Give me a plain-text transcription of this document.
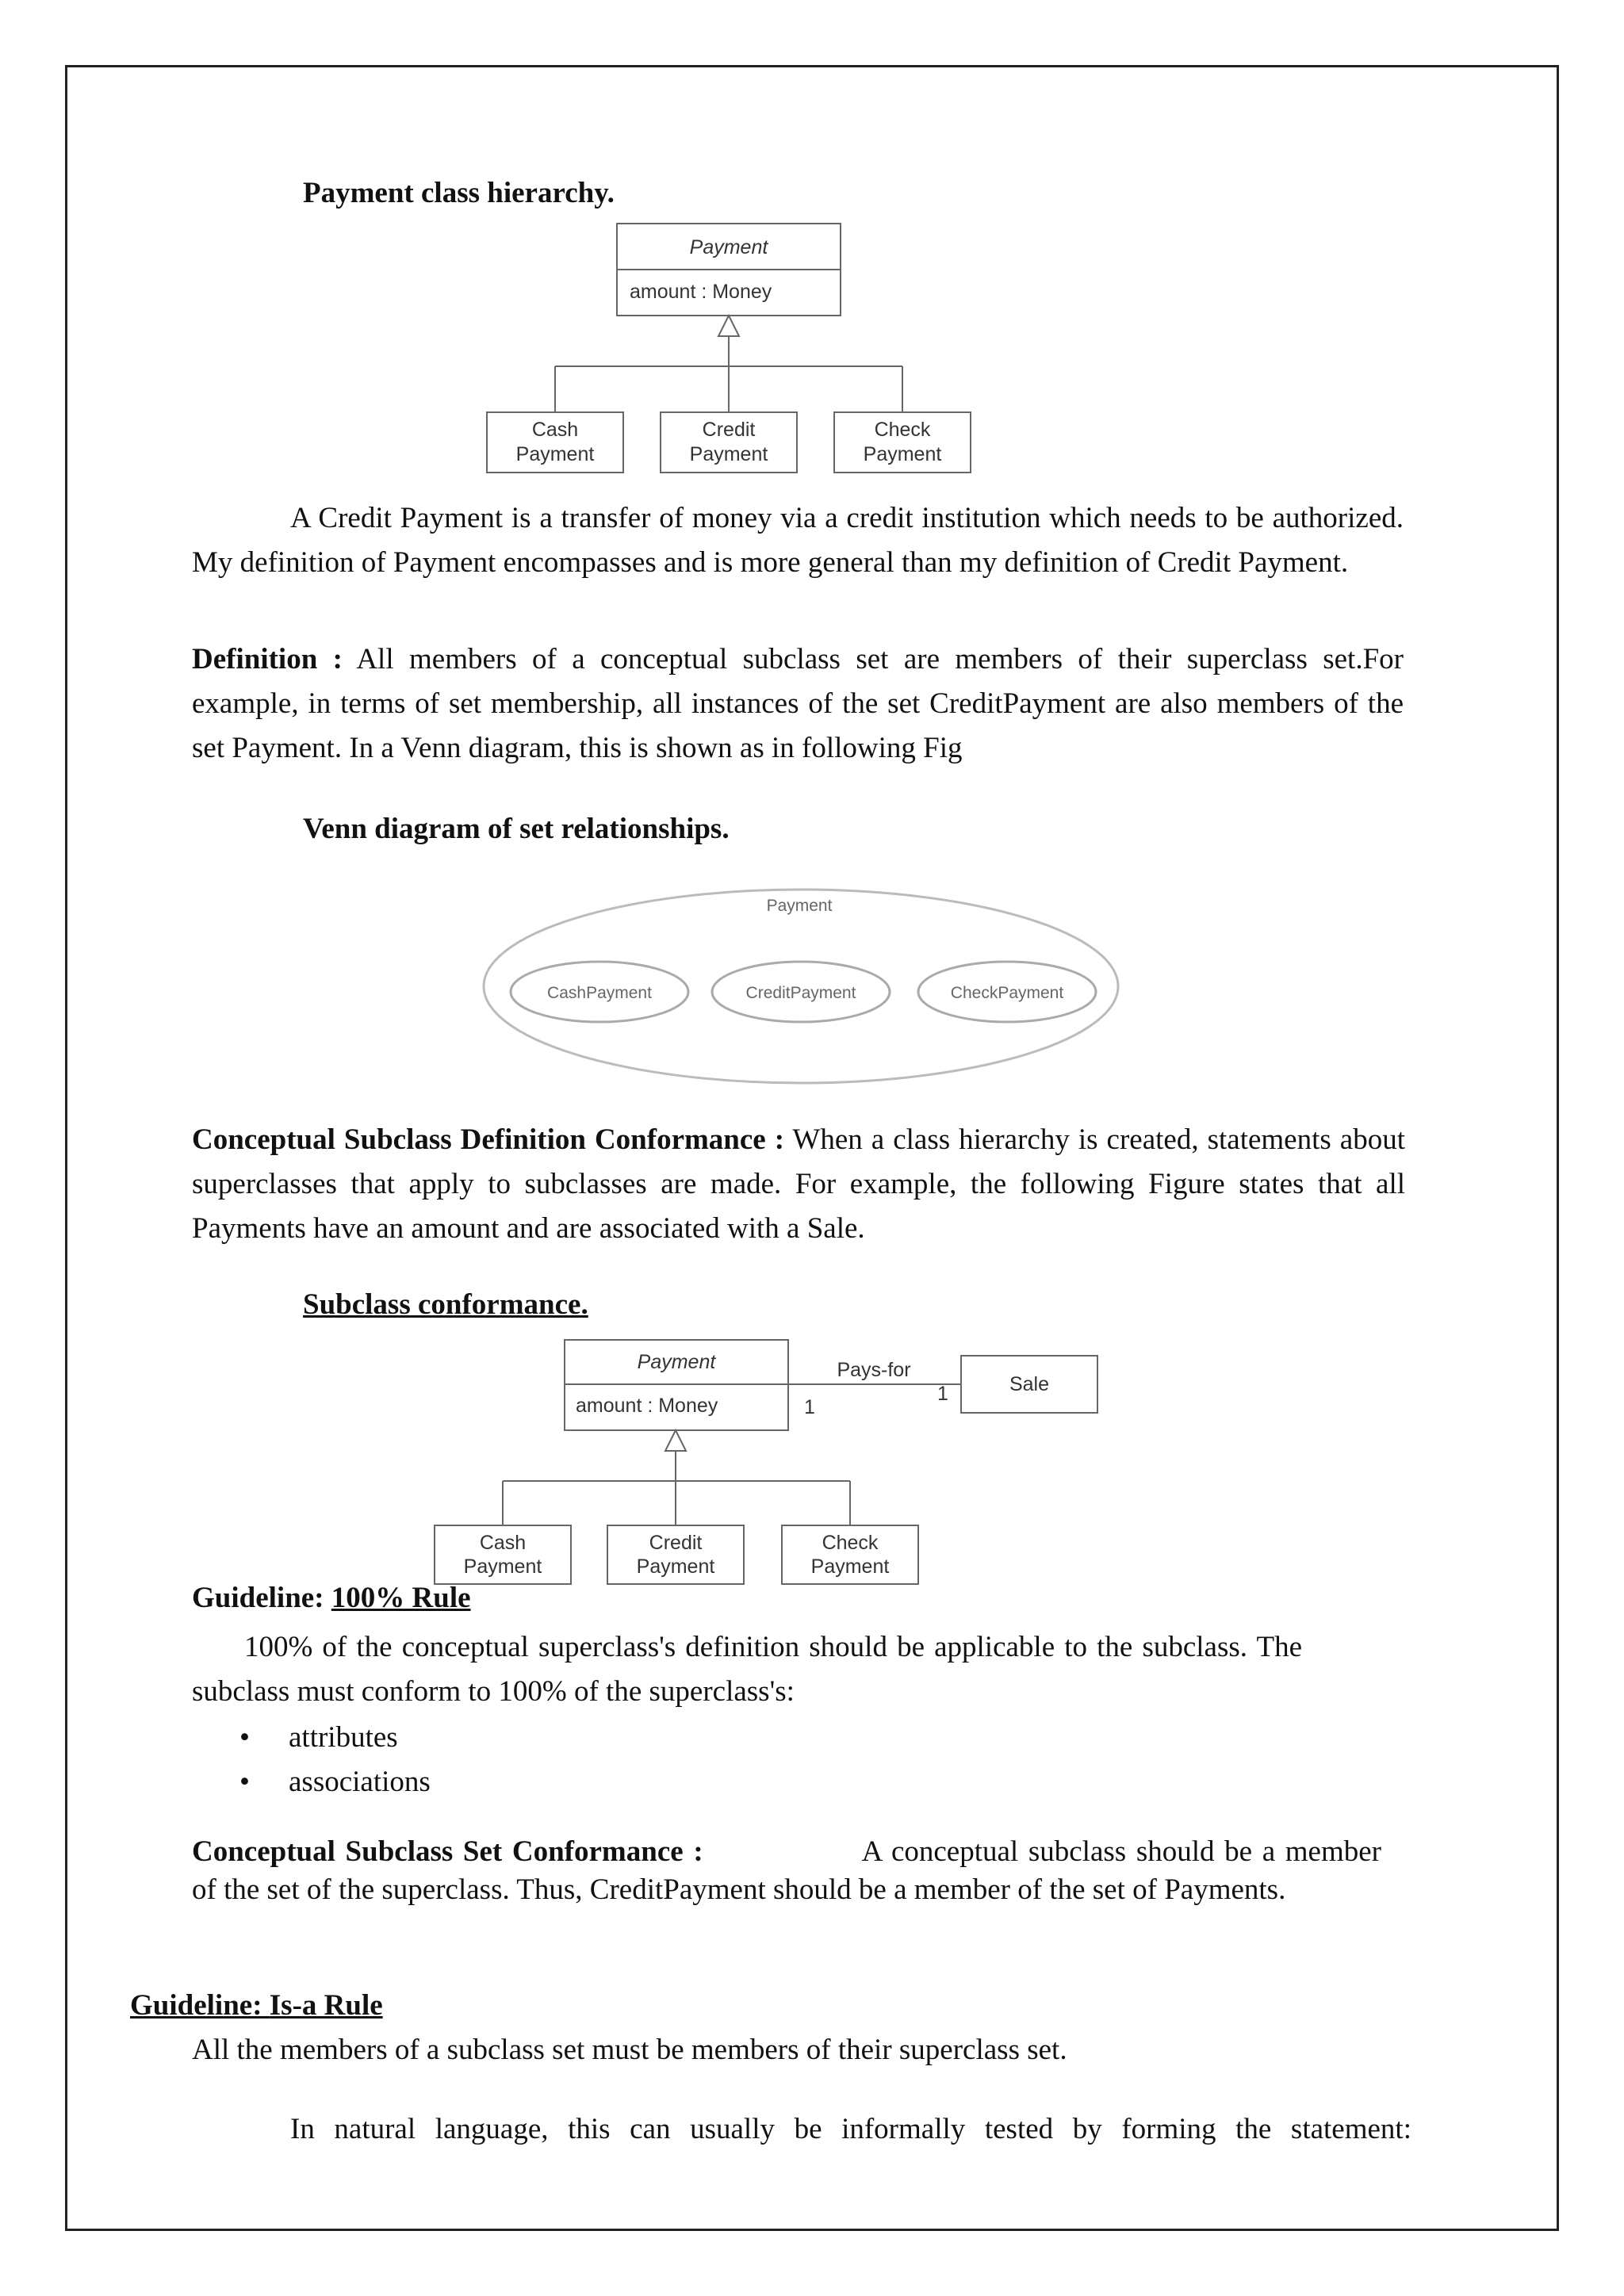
Payment class hierarchy.
Payment
amount : Money
Cash
Payment
Credit
Payment
Check
Payment

A Credit Payment is a transfer of money via a credit institution which needs to be authorized. My definition of Payment encompasses and is more general than my definition of Credit Payment.

Definition : All members of a conceptual subclass set are members of their superclass set.For example, in terms of set membership, all instances of the set CreditPayment are also members of the set Payment. In a Venn diagram, this is shown as in following Fig

Venn diagram of set relationships.
Payment
CashPayment	CreditPayment	CheckPayment

Conceptual Subclass Definition Conformance : When a class hierarchy is created, statements about superclasses that apply to subclasses are made. For example, the following Figure states that all Payments have an amount and are associated with a Sale.

Subclass conformance.
Payment
amount : Money
Pays-for
1
1	Sale
Cash
Payment
Credit
Payment
Check
Payment
Guideline: 100% Rule

100% of the conceptual superclass's definition should be applicable to the subclass. The subclass must conform to 100% of the superclass's:

• attributes
• associations

Conceptual Subclass Set Conformance :	A conceptual subclass should be a member of the set of the superclass. Thus, CreditPayment should be a member of the set of Payments.

Guideline: Is-a Rule

All the members of a subclass set must be members of their superclass set.

In natural language, this can usually be informally tested by forming the statement:
